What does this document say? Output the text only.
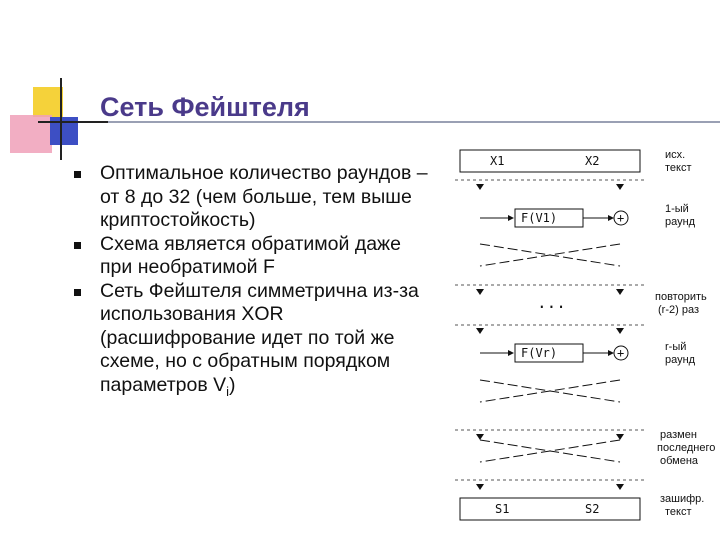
Сеть Фейштеля
Оптимальное количество раундов – от 8 до 32 (чем больше, тем выше криптостойкость)
Схема является обратимой даже при необратимой F
Сеть Фейштеля симметрична из-за использования XOR (расшифрование идет по той же схеме, но с обратным порядком параметров $V_i$)
X1	X2
F(V1)	+
...
F(Vr)	+
S1	S2
исх. текст
1-ый раунд
повторить (r-2) раз
r-ый раунд
размен последнего обмена
зашифр. текст
